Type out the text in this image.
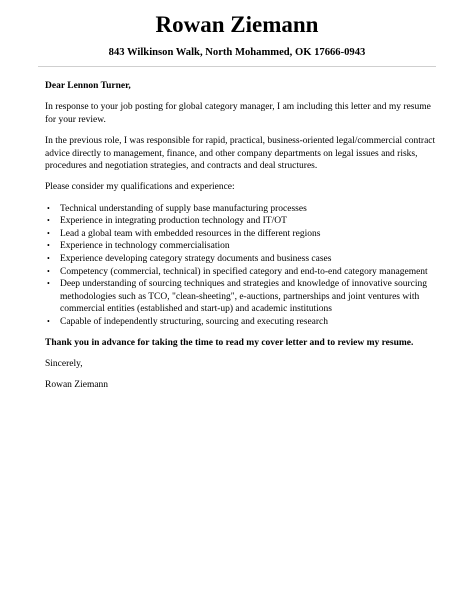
Rowan Ziemann
843 Wilkinson Walk, North Mohammed, OK 17666-0943

Dear Lennon Turner,

In response to your job posting for global category manager, I am including this letter and my resume for your review.

In the previous role, I was responsible for rapid, practical, business-oriented legal/commercial contract advice directly to management, finance, and other company departments on legal issues and risks, procedures and negotiation strategies, and contracts and deal structures.

Please consider my qualifications and experience:

• Technical understanding of supply base manufacturing processes
• Experience in integrating production technology and IT/OT
• Lead a global team with embedded resources in the different regions
• Experience in technology commercialisation
• Experience developing category strategy documents and business cases
• Competency (commercial, technical) in specified category and end-to-end category management
• Deep understanding of sourcing techniques and strategies and knowledge of innovative sourcing methodologies such as TCO, "clean-sheeting", e-auctions, partnerships and joint ventures with commercial entities (established and start-up) and academic institutions
• Capable of independently structuring, sourcing and executing research

Thank you in advance for taking the time to read my cover letter and to review my resume.

Sincerely,

Rowan Ziemann
